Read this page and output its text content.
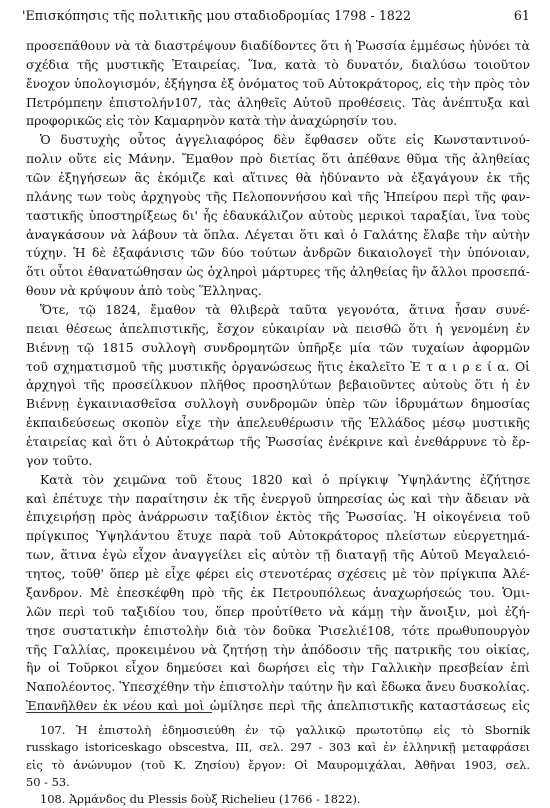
'Επισκόπησις τῆς πολιτικῆς μου σταδιοδρομίας 1798 - 1822	61
προσεπάθουν νὰ τὰ διαστρέψουν διαδίδοντες ὅτι ἡ Ῥωσσία ἐμμέσως ἠὐνόει τὰ
σχέδια τῆς μυστικῆς Ἑταιρείας. Ἵνα, κατὰ τὸ δυνατόν, διαλύσω τοιοῦτον
ἔνοχον ὑπολογισμόν, ἐξήγησα ἐξ ὀνόματος τοῦ Αὐτοκράτορος, εἰς τὴν πρὸς τὸν
Πετρόμπεην ἐπιστολήν107, τὰς ἀληθεῖς Αὐτοῦ προθέσεις. Τὰς ἀνέπτυξα καὶ
προφορικῶς εἰς τὸν Καμαρηνὸν κατὰ τὴν ἀναχώρησίν του.
Ὁ δυστυχὴς οὗτος ἀγγελιαφόρος δὲν ἔφθασεν οὔτε εἰς Κωνσταντινού-
πολιν οὔτε εἰς Μάνην. Ἔμαθον πρὸ διετίας ὅτι ἀπέθανε θῦμα τῆς ἀληθείας
τῶν ἐξηγήσεων ἃς ἐκόμιζε καὶ αἵτινες θὰ ἠδύναντο νὰ ἐξαγάγουν ἐκ τῆς
πλάνης των τοὺς ἀρχηγοὺς τῆς Πελοποννήσου καὶ τῆς Ἠπείρου περὶ τῆς φαν-
ταστικῆς ὑποστηρίξεως δι' ἧς ἐδαυκάλιζον αὐτοὺς μερικοὶ ταραξίαι, ἵνα τοὺς
ἀναγκάσουν νὰ λάβουν τὰ ὅπλα. Λέγεται ὅτι καὶ ὁ Γαλάτης ἔλαβε τὴν αὐτὴν
τύχην. Ἡ δὲ ἐξαφάνισις τῶν δύο τούτων ἀνδρῶν δικαιολογεῖ τὴν ὑπόνοιαν,
ὅτι οὗτοι ἐθανατώθησαν ὡς ὀχληροὶ μάρτυρες τῆς ἀληθείας ἣν ἄλλοι προσεπά-
θουν νὰ κρύψουν ἀπὸ τοὺς Ἕλληνας.
Ὅτε, τῷ 1824, ἔμαθον τὰ θλιβερὰ ταῦτα γεγονότα, ἅτινα ἦσαν συνέ-
πειαι θέσεως ἀπελπιστικῆς, ἔσχον εὐκαιρίαν νὰ πεισθῶ ὅτι ἡ γενομένη ἐν
Βιέννῃ τῷ 1815 συλλογὴ συνδρομητῶν ὑπῆρξε μία τῶν τυχαίων ἀφορμῶν
τοῦ σχηματισμοῦ τῆς μυστικῆς ὀργανώσεως ἥτις ἐκαλεῖτο Ἑ τ α ι ρ ε ί α. Οἱ
ἀρχηγοὶ τῆς προσείλκυον πλῆθος προσηλύτων βεβαιοῦντες αὐτοὺς ὅτι ἡ ἐν
Βιέννῃ ἐγκαινιασθεῖσα συλλογὴ συνδρομῶν ὑπὲρ τῶν ἱδρυμάτων δημοσίας
ἐκπαιδεύσεως σκοπὸν εἶχε τὴν ἀπελευθέρωσιν τῆς Ἑλλάδος μέσῳ μυστικῆς
ἑταιρείας καὶ ὅτι ὁ Αὐτοκράτωρ τῆς Ῥωσσίας ἐνέκρινε καὶ ἐνεθάρρυνε τὸ ἔρ-
γον τοῦτο.
Κατὰ τὸν χειμῶνα τοῦ ἔτους 1820 καὶ ὁ πρίγκιψ Ὑψηλάντης ἐζήτησε
καὶ ἐπέτυχε τὴν παραίτησιν ἐκ τῆς ἐνεργοῦ ὑπηρεσίας ὡς καὶ τὴν ἄδειαν νὰ
ἐπιχειρήσῃ πρὸς ἀνάρρωσιν ταξίδιον ἐκτὸς τῆς Ῥωσσίας. Ἡ οἰκογένεια τοῦ
πρίγκιπος Ὑψηλάντου ἔτυχε παρὰ τοῦ Αὐτοκράτορος πλείστων εὐεργετημά-
των, ἅτινα ἐγὼ εἶχον ἀναγγείλει εἰς αὐτὸν τῇ διαταγῇ τῆς Αὐτοῦ Μεγαλειό-
τητος, τοῦθ' ὅπερ μὲ εἶχε φέρει εἰς στενοτέρας σχέσεις μὲ τὸν πρίγκιπα Ἀλέ-
ξανδρον. Μὲ ἐπεσκέφθη πρὸ τῆς ἐκ Πετρουπόλεως ἀναχωρήσεώς του. Ὁμι-
λῶν περὶ τοῦ ταξιδίου του, ὅπερ προὐτίθετο νὰ κάμῃ τὴν ἄνοιξιν, μοὶ ἐζή-
τησε συστατικὴν ἐπιστολὴν διὰ τὸν δοῦκα Ῥισελιέ108, τότε πρωθυπουργὸν
τῆς Γαλλίας, προκειμένου νὰ ζητήσῃ τὴν ἀπόδοσιν τῆς πατρικῆς του οἰκίας,
ἣν οἱ Τοῦρκοι εἶχον δημεύσει καὶ δωρήσει εἰς τὴν Γαλλικὴν πρεσβείαν ἐπὶ
Ναπολέοντος. Ὑπεσχέθην τὴν ἐπιστολὴν ταύτην ἣν καὶ ἔδωκα ἄνευ δυσκολίας.
Ἐπανῆλθεν ἐκ νέου καὶ μοὶ ὡμίλησε περὶ τῆς ἀπελπιστικῆς καταστάσεως εἰς
107. Ἡ ἐπιστολὴ ἐδημοσιεύθη ἐν τῷ γαλλικῷ πρωτοτύπῳ εἰς τὸ Sbornik
russkago istoriceskago obscestva, III, σελ. 297 - 303 καὶ ἐν ἑλληνικῇ μεταφράσει
εἰς τὸ ἀνώνυμον (τοῦ Κ. Ζησίου) ἔργον: Οἱ Μαυρομιχάλαι, Ἀθῆναι 1903, σελ.
50 - 53.
108. Ἀρμάνδος du Plessis δοὺξ Richelieu (1766 - 1822).
